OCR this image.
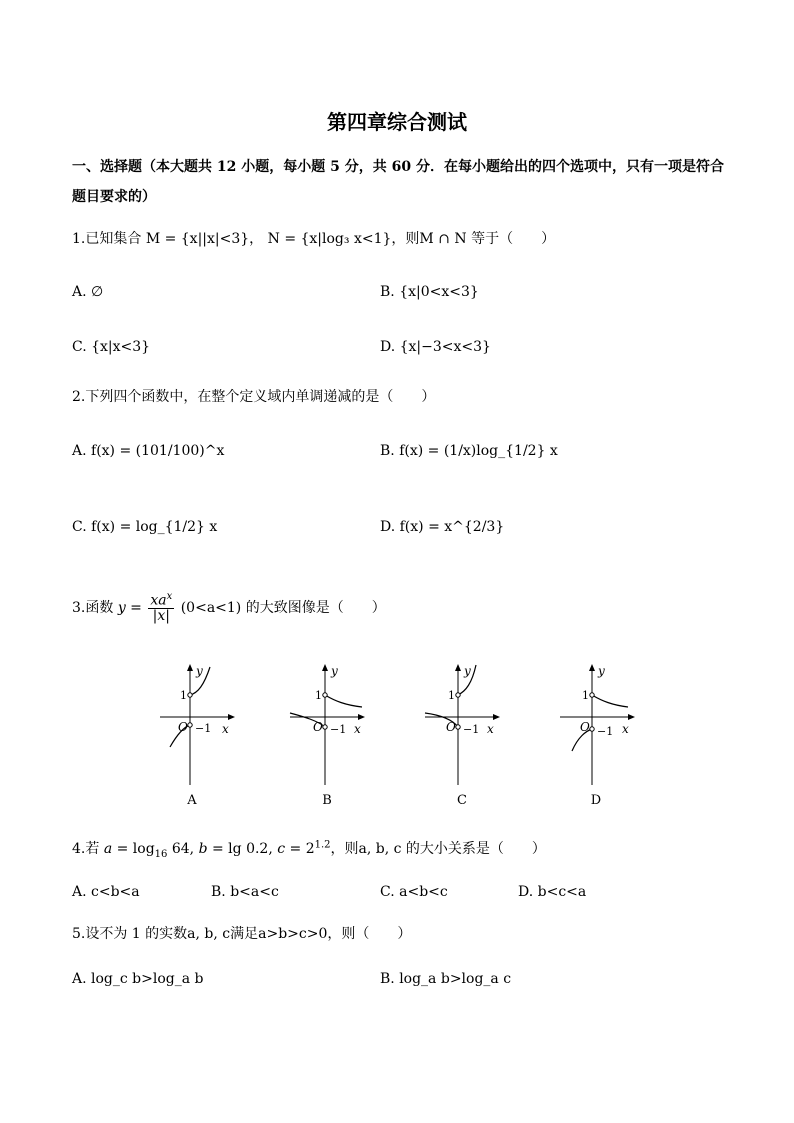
第四章综合测试
一、选择题（本大题共 12 小题，每小题 5 分，共 60 分．在每小题给出的四个选项中，只有一项是符合题目要求的）
1.已知集合 M = {x||x|<3}， N = {x|log₃ x<1}，则M ∩ N 等于（　　）
A. ∅	B. {x|0<x<3}
C. {x|x<3}	D. {x|−3<x<3}
2.下列四个函数中，在整个定义域内单调递减的是（　　）
A. f(x) = (101/100)^x	B. f(x) = (1/x)log_{1/2} x
C. f(x) = log_{1/2} x	D. f(x) = x^{2/3}
3.函数 $y = \frac{xa^x}{|x|} (0<a<1)$ 的大致图像是（　　）
y
x
O
1
−1
y
x
O
1
−1
y
x
O
1
−1
y
x
O
1
−1
A	B	C	D
4.若 $a = \log_{16} 64$, b = lg 0.2, $c = 2^{1.2}$，则a, b, c 的大小关系是（　　）
A. c<b<a	B. b<a<c	C. a<b<c	D. b<c<a
5.设不为 1 的实数a, b, c满足a>b>c>0，则（　　）
A. log_c b>log_a b	B. log_a b>log_a c
